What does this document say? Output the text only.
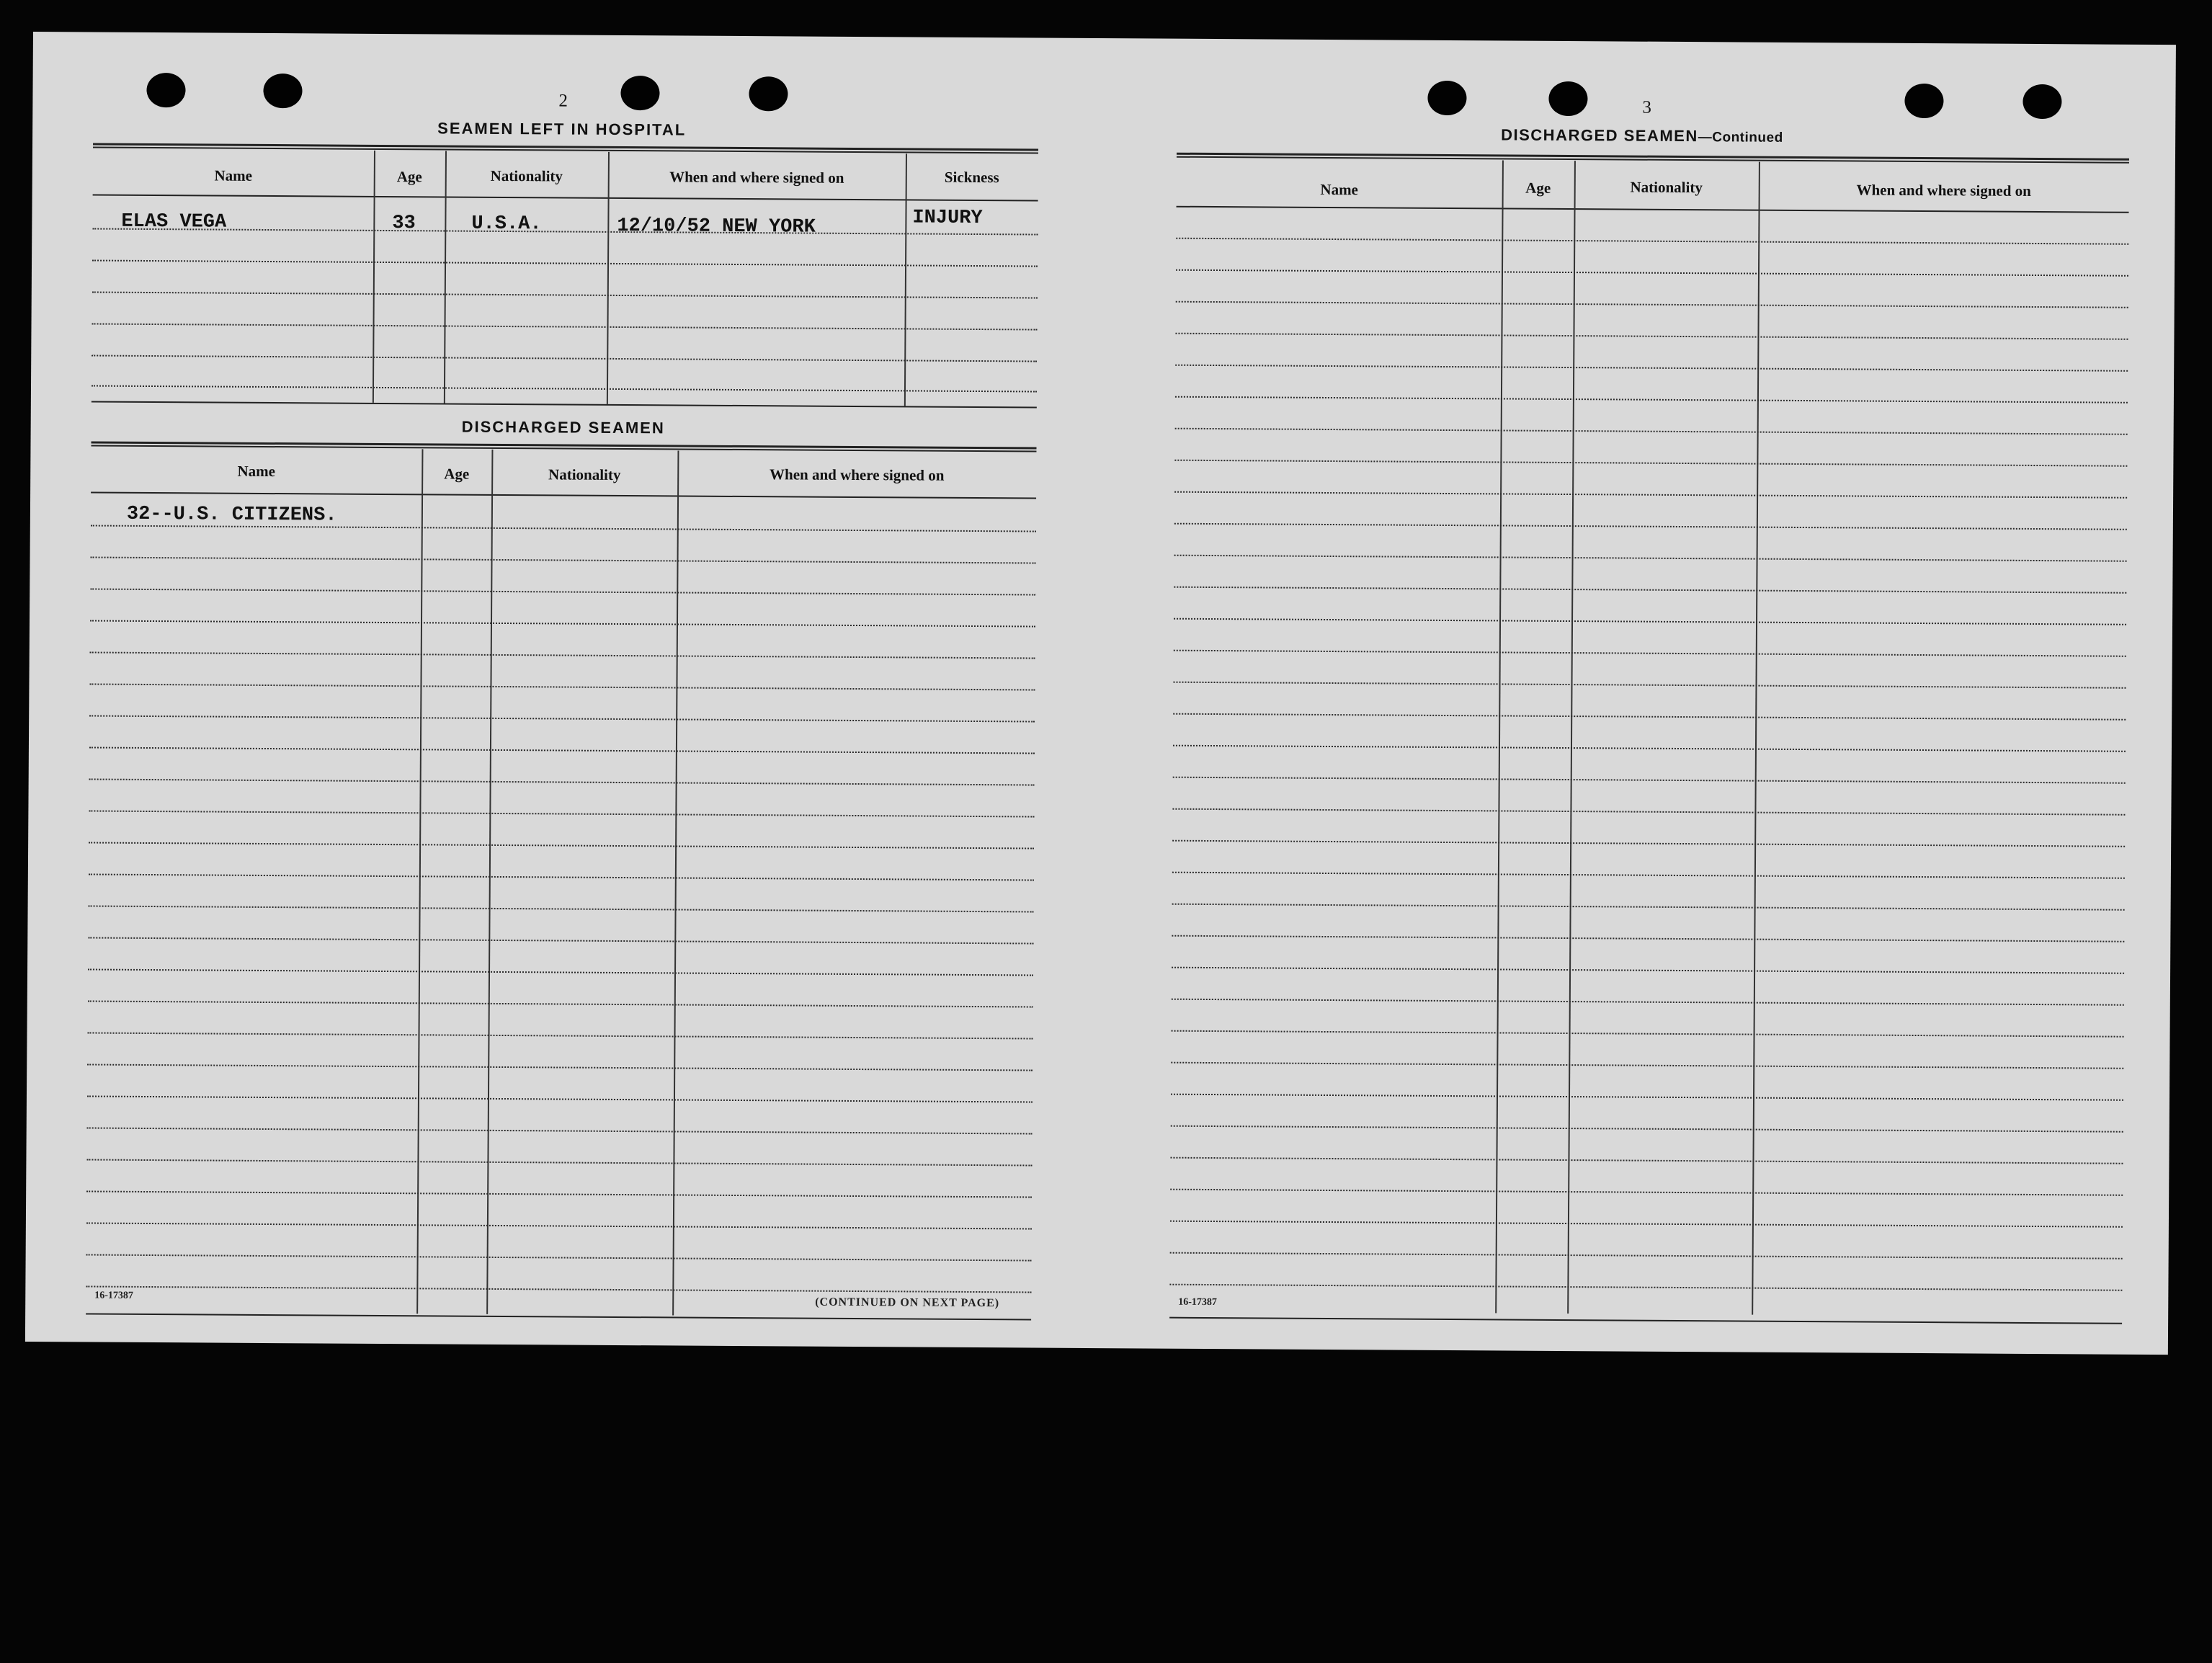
2
SEAMEN LEFT IN HOSPITAL
Name	Age	Nationality	When and where signed on	Sickness
ELAS VEGA	33	U.S.A.	12/10/52 NEW YORK	INJURY
DISCHARGED SEAMEN
Name	Age	Nationality	When and where signed on
32--U.S. CITIZENS.
16-17387
(CONTINUED ON NEXT PAGE)
3
DISCHARGED SEAMEN—Continued
Name	Age	Nationality	When and where signed on
16-17387
